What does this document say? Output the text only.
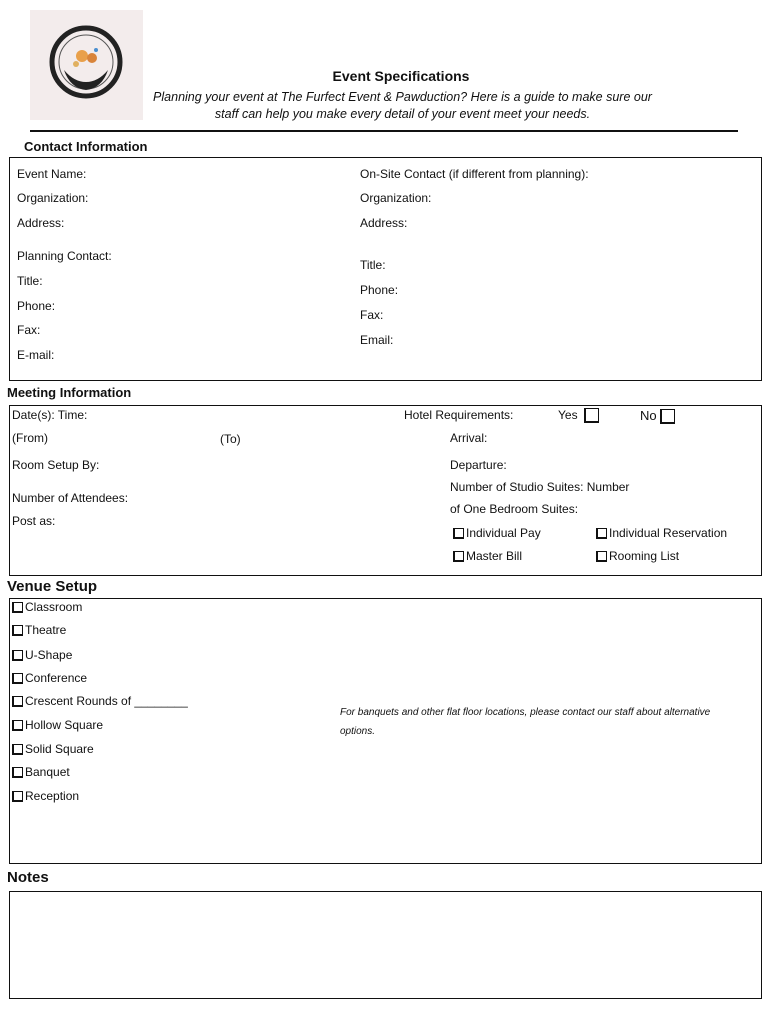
Event Specifications
Planning your event at The Furfect Event & Pawduction? Here is a guide to make sure our staff can help you make every detail of your event meet your needs.
Contact Information
Event Name:
Organization:
Address:
Planning Contact:
Title:
Phone:
Fax:
E-mail:
On-Site Contact (if different from planning):
Organization:
Address:
Title:
Phone:
Fax:
Email:
Meeting Information
Date(s): Time:
(From)	(To)
Room Setup By:
Number of Attendees:
Post as:
Hotel Requirements:	Yes	No
Arrival:
Departure:
Number of Studio Suites: Number
of One Bedroom Suites:
Individual Pay	Individual Reservation
Master Bill	Rooming List
Venue Setup
Classroom
Theatre
U-Shape
Conference
Crescent Rounds of ________
Hollow Square
Solid Square
Banquet
Reception
For banquets and other flat floor locations, please contact our staff about alternative options.
Notes
